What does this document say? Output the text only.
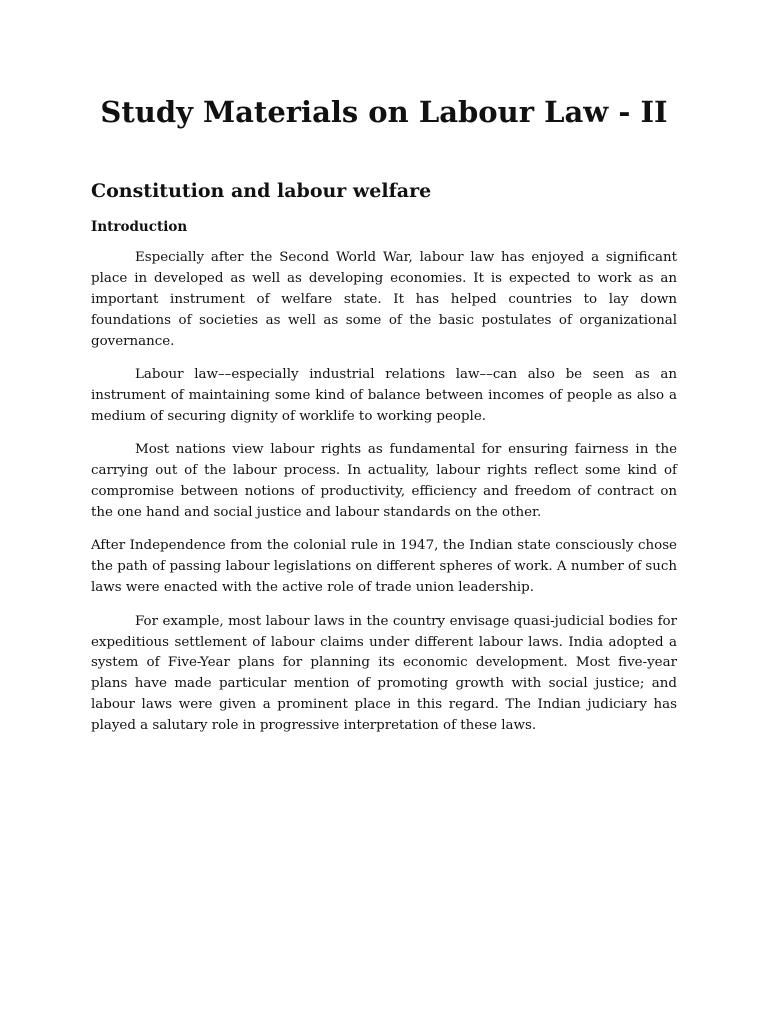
Study Materials on Labour Law - II
Constitution and labour welfare
Introduction

Especially after the Second World War, labour law has enjoyed a significant place in developed as well as developing economies. It is expected to work as an important instrument of welfare state. It has helped countries to lay down foundations of societies as well as some of the basic postulates of organizational governance.

Labour law––especially industrial relations law––can also be seen as an instrument of maintaining some kind of balance between incomes of people as also a medium of securing dignity of worklife to working people.

Most nations view labour rights as fundamental for ensuring fairness in the carrying out of the labour process. In actuality, labour rights reflect some kind of compromise between notions of productivity, efficiency and freedom of contract on the one hand and social justice and labour standards on the other.

After Independence from the colonial rule in 1947, the Indian state consciously chose the path of passing labour legislations on different spheres of work. A number of such laws were enacted with the active role of trade union leadership.

For example, most labour laws in the country envisage quasi-judicial bodies for expeditious settlement of labour claims under different labour laws. India adopted a system of Five-Year plans for planning its economic development. Most five-year plans have made particular mention of promoting growth with social justice; and labour laws were given a prominent place in this regard. The Indian judiciary has played a salutary role in progressive interpretation of these laws.
